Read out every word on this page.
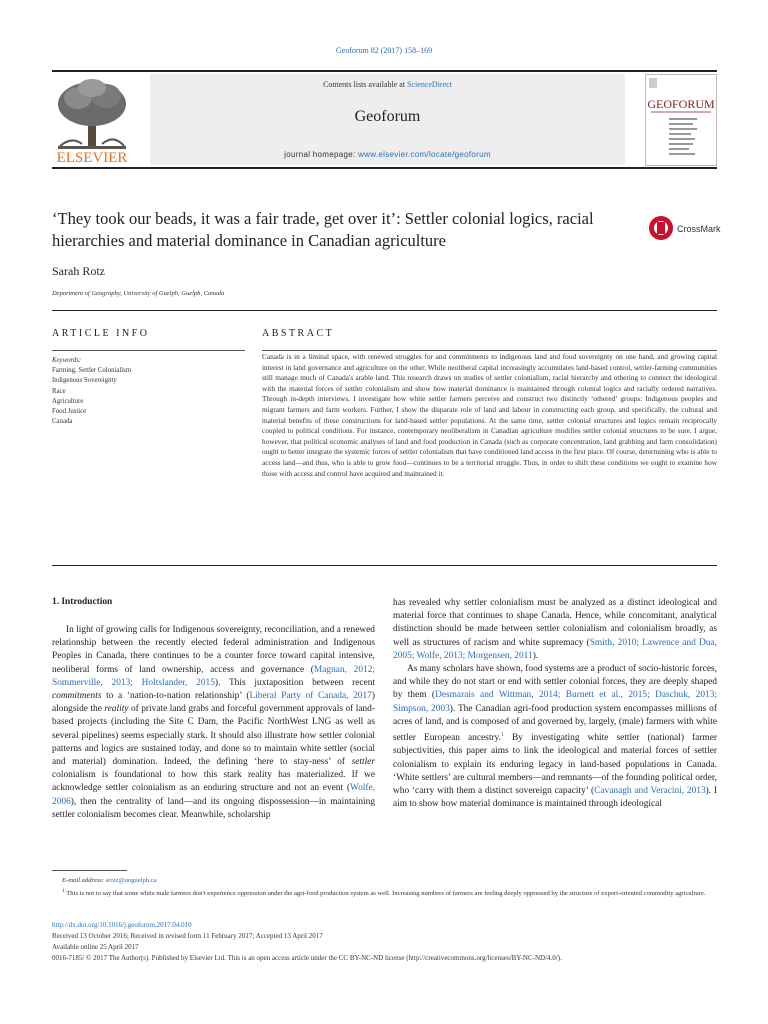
Geoforum 82 (2017) 158–169
ELSEVIER
Contents lists available at ScienceDirect
Geoforum
journal homepage: www.elsevier.com/locate/geoforum
GEOFORUM
‘They took our beads, it was a fair trade, get over it’: Settler colonial logics, racial hierarchies and material dominance in Canadian agriculture
CrossMark
Sarah Rotz
Department of Geography, University of Guelph, Guelph, Canada
ARTICLE INFO	ABSTRACT
Keywords:
Farming, Settler Colonialism
Indigenous Sovereignty
Race
Agriculture
Food Justice
Canada
Canada is in a liminal space, with renewed struggles for and commitments to indigenous land and food sovereignty on one hand, and growing capital interest in land governance and agriculture on the other. While neoliberal capital increasingly accumulates land-based control, settler-farming communities still manage much of Canada's arable land. This research draws on studies of settler colonialism, racial hierarchy and othering to connect the ideological with the material forces of settler colonialism and show how material dominance is maintained through colonial logics and racially ordered narratives. Through in-depth interviews, I investigate how white settler farmers perceive and construct two distinctly ‘othered’ groups: Indigenous peoples and migrant farmers and farm workers. Further, I show the disparate role of land and labour in constructing each group, and specifically, the cultural and material benefits of these constructions for land-based settler populations. At the same time, settler colonial structures and logics remain reciprocally coupled to political conditions. For instance, contemporary neoliberalism in Canadian agriculture modifies settler colonial structures to be sure. I argue, however, that political economic analyses of land and food production in Canada (such as corporate concentration, land grabbing and farm consolidation) ought to better integrate the systemic forces of settler colonialism that have conditioned land access in the first place. Of course, determining who is able to access land—and thus, who is able to grow food—continues to be a territorial struggle. Thus, in order to shift these conditions we ought to examine how those with access and control have acquired and maintained it.
1. Introduction

In light of growing calls for Indigenous sovereignty, reconciliation, and a renewed relationship between the recently elected federal administration and Indigenous Peoples in Canada, there continues to be a counter force toward capital intensive, neoliberal forms of land ownership, access and governance (Magnan, 2012; Sommerville, 2013; Holtslander, 2015). This juxtaposition between recent commitments to a ‘nation-to-nation relationship’ (Liberal Party of Canada, 2017) alongside the reality of private land grabs and forceful government approvals of land-based projects (including the Site C Dam, the Pacific NorthWest LNG as well as several pipelines) seems especially stark. It should also illustrate how settler colonial patterns and logics are sustained today, and done so to maintain white settler (social and material) domination. Indeed, the defining ‘here to stay-ness’ of settler colonialism is foundational to how this stark reality has materialized. If we acknowledge settler colonialism as an enduring structure and not an event (Wolfe, 2006), then the centrality of land—and its ongoing dispossession—in maintaining settler colonialism becomes clear. Meanwhile, scholarship

has revealed why settler colonialism must be analyzed as a distinct ideological and material force that continues to shape Canada. Hence, while concomitant, analytical distinction should be made between settler colonialism and colonialism broadly, as well as structures of racism and white supremacy (Smith, 2010; Lawrence and Dua, 2005; Wolfe, 2013; Morgensen, 2011).

As many scholars have shown, food systems are a product of socio-historic forces, and while they do not start or end with settler colonial forces, they are deeply shaped by them (Desmarais and Wittman, 2014; Burnett et al., 2015; Daschuk, 2013; Simpson, 2003). The Canadian agri-food production system encompasses millions of acres of land, and is composed of and governed by, largely, (male) farmers with white settler European ancestry.$^1$ By investigating white settler (national) farmer subjectivities, this paper aims to link the ideological and material forces of settler colonialism to explain its enduring legacy in land-based populations in Canada. ‘White settlers’ are cultural members—and remnants—of the founding political order, who ‘carry with them a distinct sovereign capacity’ (Cavanagh and Veracini, 2013). I aim to show how material dominance is maintained through ideological

E-mail address: srotz@uoguelph.ca
$^1$ This is not to say that some white male farmers don't experience oppression under the agri-food production system as well. Increasing numbers of farmers are feeling deeply oppressed by the structure of export-oriented commodity agriculture.
http://dx.doi.org/10.1016/j.geoforum.2017.04.010
Received 13 October 2016; Received in revised form 11 February 2017; Accepted 13 April 2017
Available online 25 April 2017
0016-7185/ © 2017 The Author(s). Published by Elsevier Ltd. This is an open access article under the CC BY-NC-ND license (http://creativecommons.org/licenses/BY-NC-ND/4.0/).
